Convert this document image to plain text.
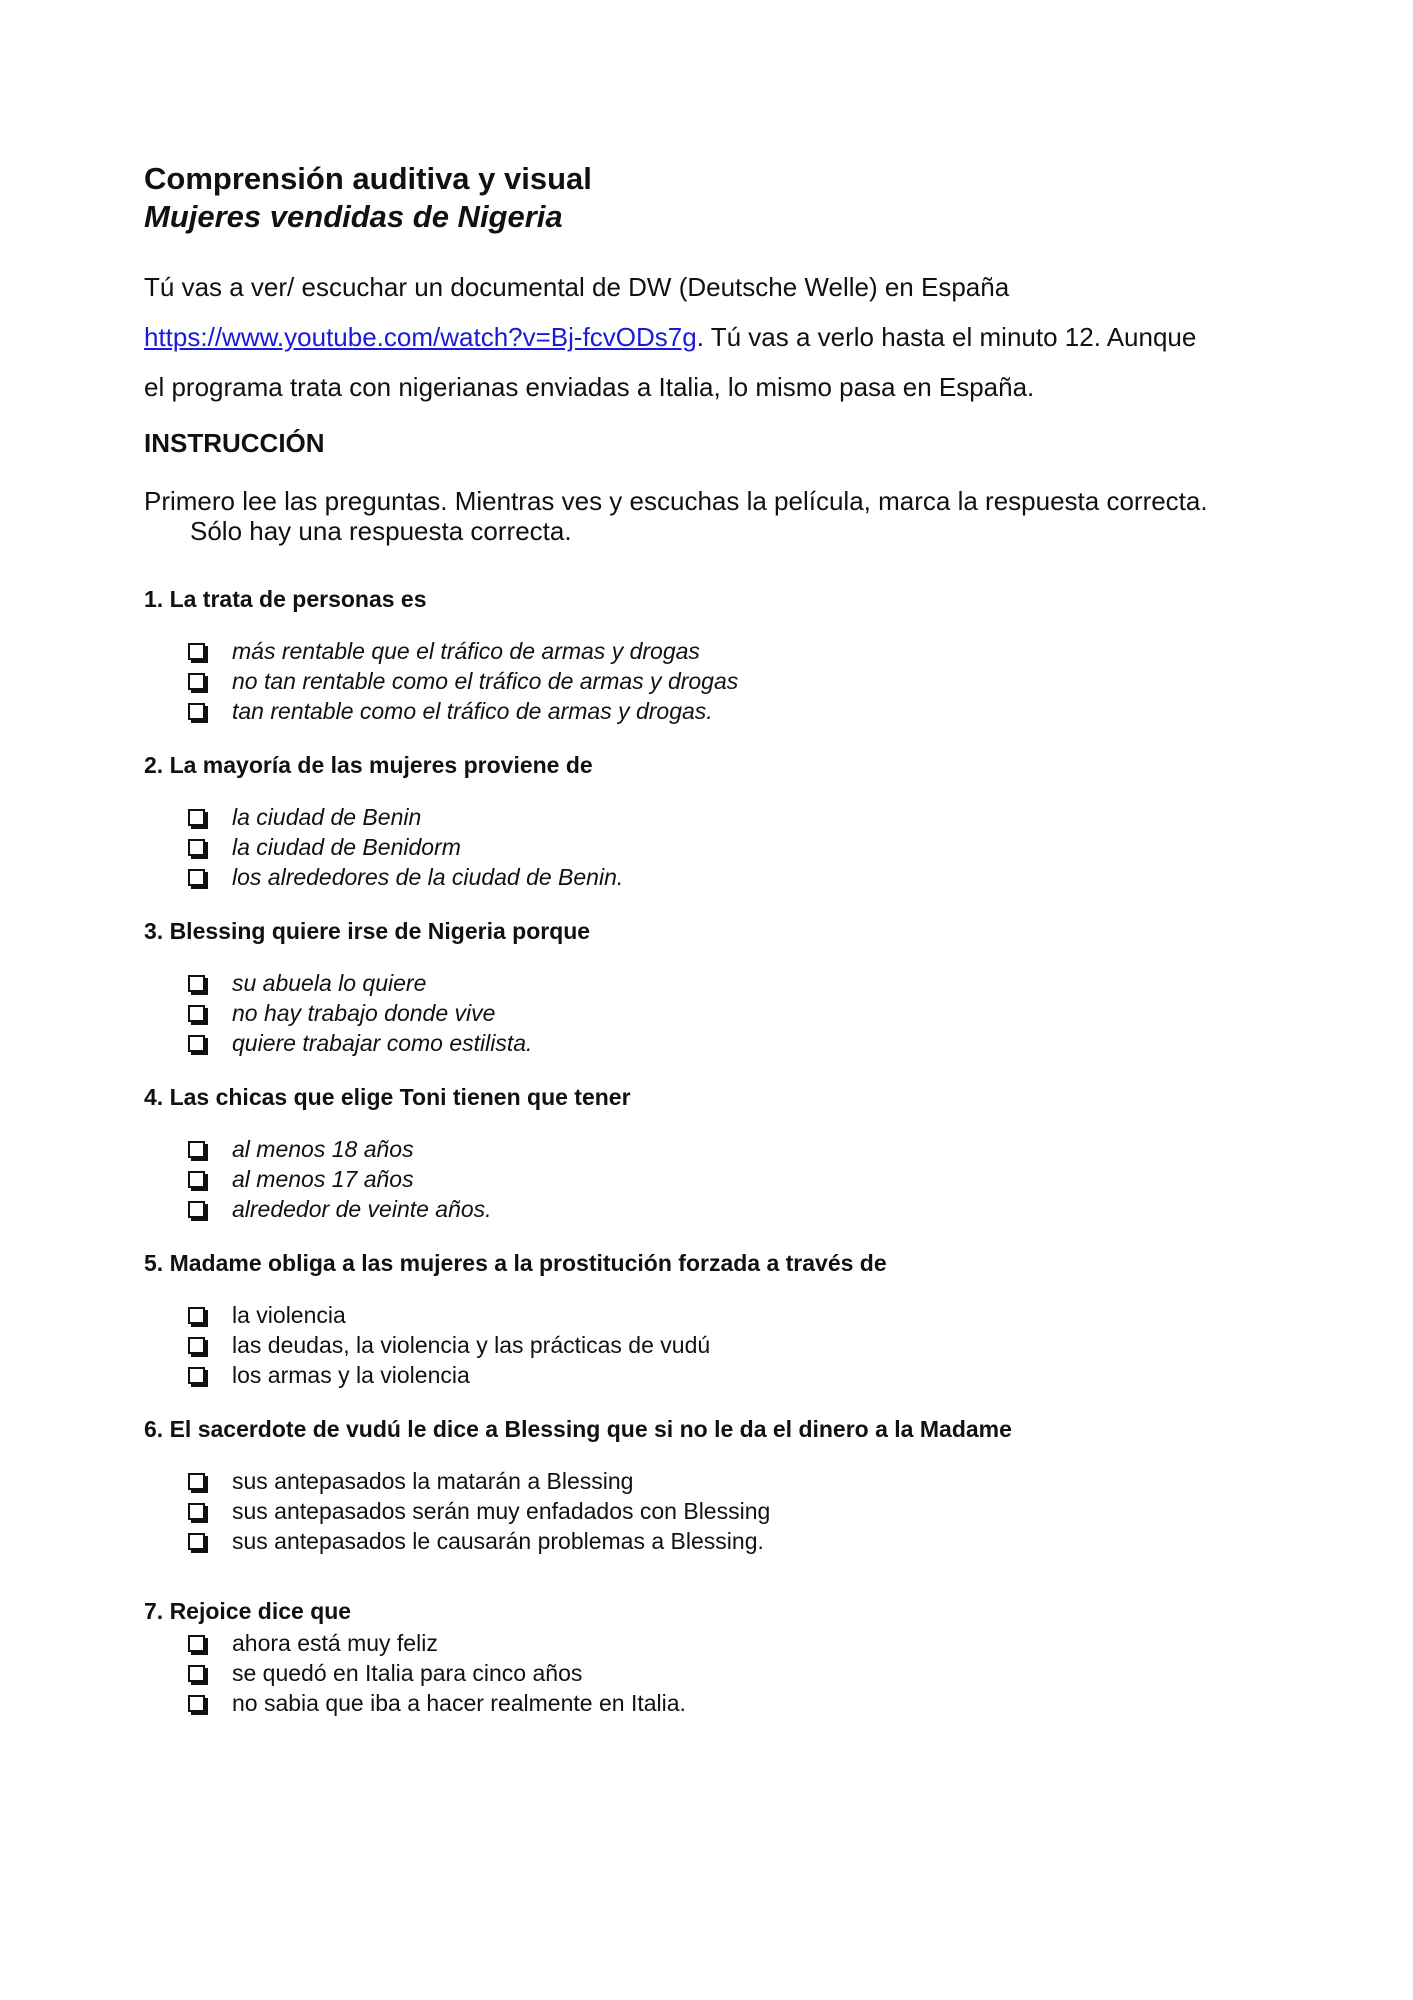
Comprensión auditiva y visual
Mujeres vendidas de Nigeria

Tú vas a ver/ escuchar un documental de DW (Deutsche Welle) en España
https://www.youtube.com/watch?v=Bj-fcvODs7g. Tú vas a verlo hasta el minuto 12. Aunque
el programa trata con nigerianas enviadas a Italia, lo mismo pasa en España.

INSTRUCCIÓN

Primero lee las preguntas. Mientras ves y escuchas la película, marca la respuesta correcta.
Sólo hay una respuesta correcta.

1. La trata de personas es
más rentable que el tráfico de armas y drogas
no tan rentable como el tráfico de armas y drogas
tan rentable como el tráfico de armas y drogas.
2. La mayoría de las mujeres proviene de
la ciudad de Benin
la ciudad de Benidorm
los alrededores de la ciudad de Benin.
3. Blessing quiere irse de Nigeria porque
su abuela lo quiere
no hay trabajo donde vive
quiere trabajar como estilista.
4. Las chicas que elige Toni tienen que tener
al menos 18 años
al menos 17 años
alrededor de veinte años.
5. Madame obliga a las mujeres a la prostitución forzada a través de
la violencia
las deudas, la violencia y las prácticas de vudú
los armas y la violencia
6. El sacerdote de vudú le dice a Blessing que si no le da el dinero a la Madame
sus antepasados la matarán a Blessing
sus antepasados serán muy enfadados con Blessing
sus antepasados le causarán problemas a Blessing.
7. Rejoice dice que
ahora está muy feliz
se quedó en Italia para cinco años
no sabia que iba a hacer realmente en Italia.
